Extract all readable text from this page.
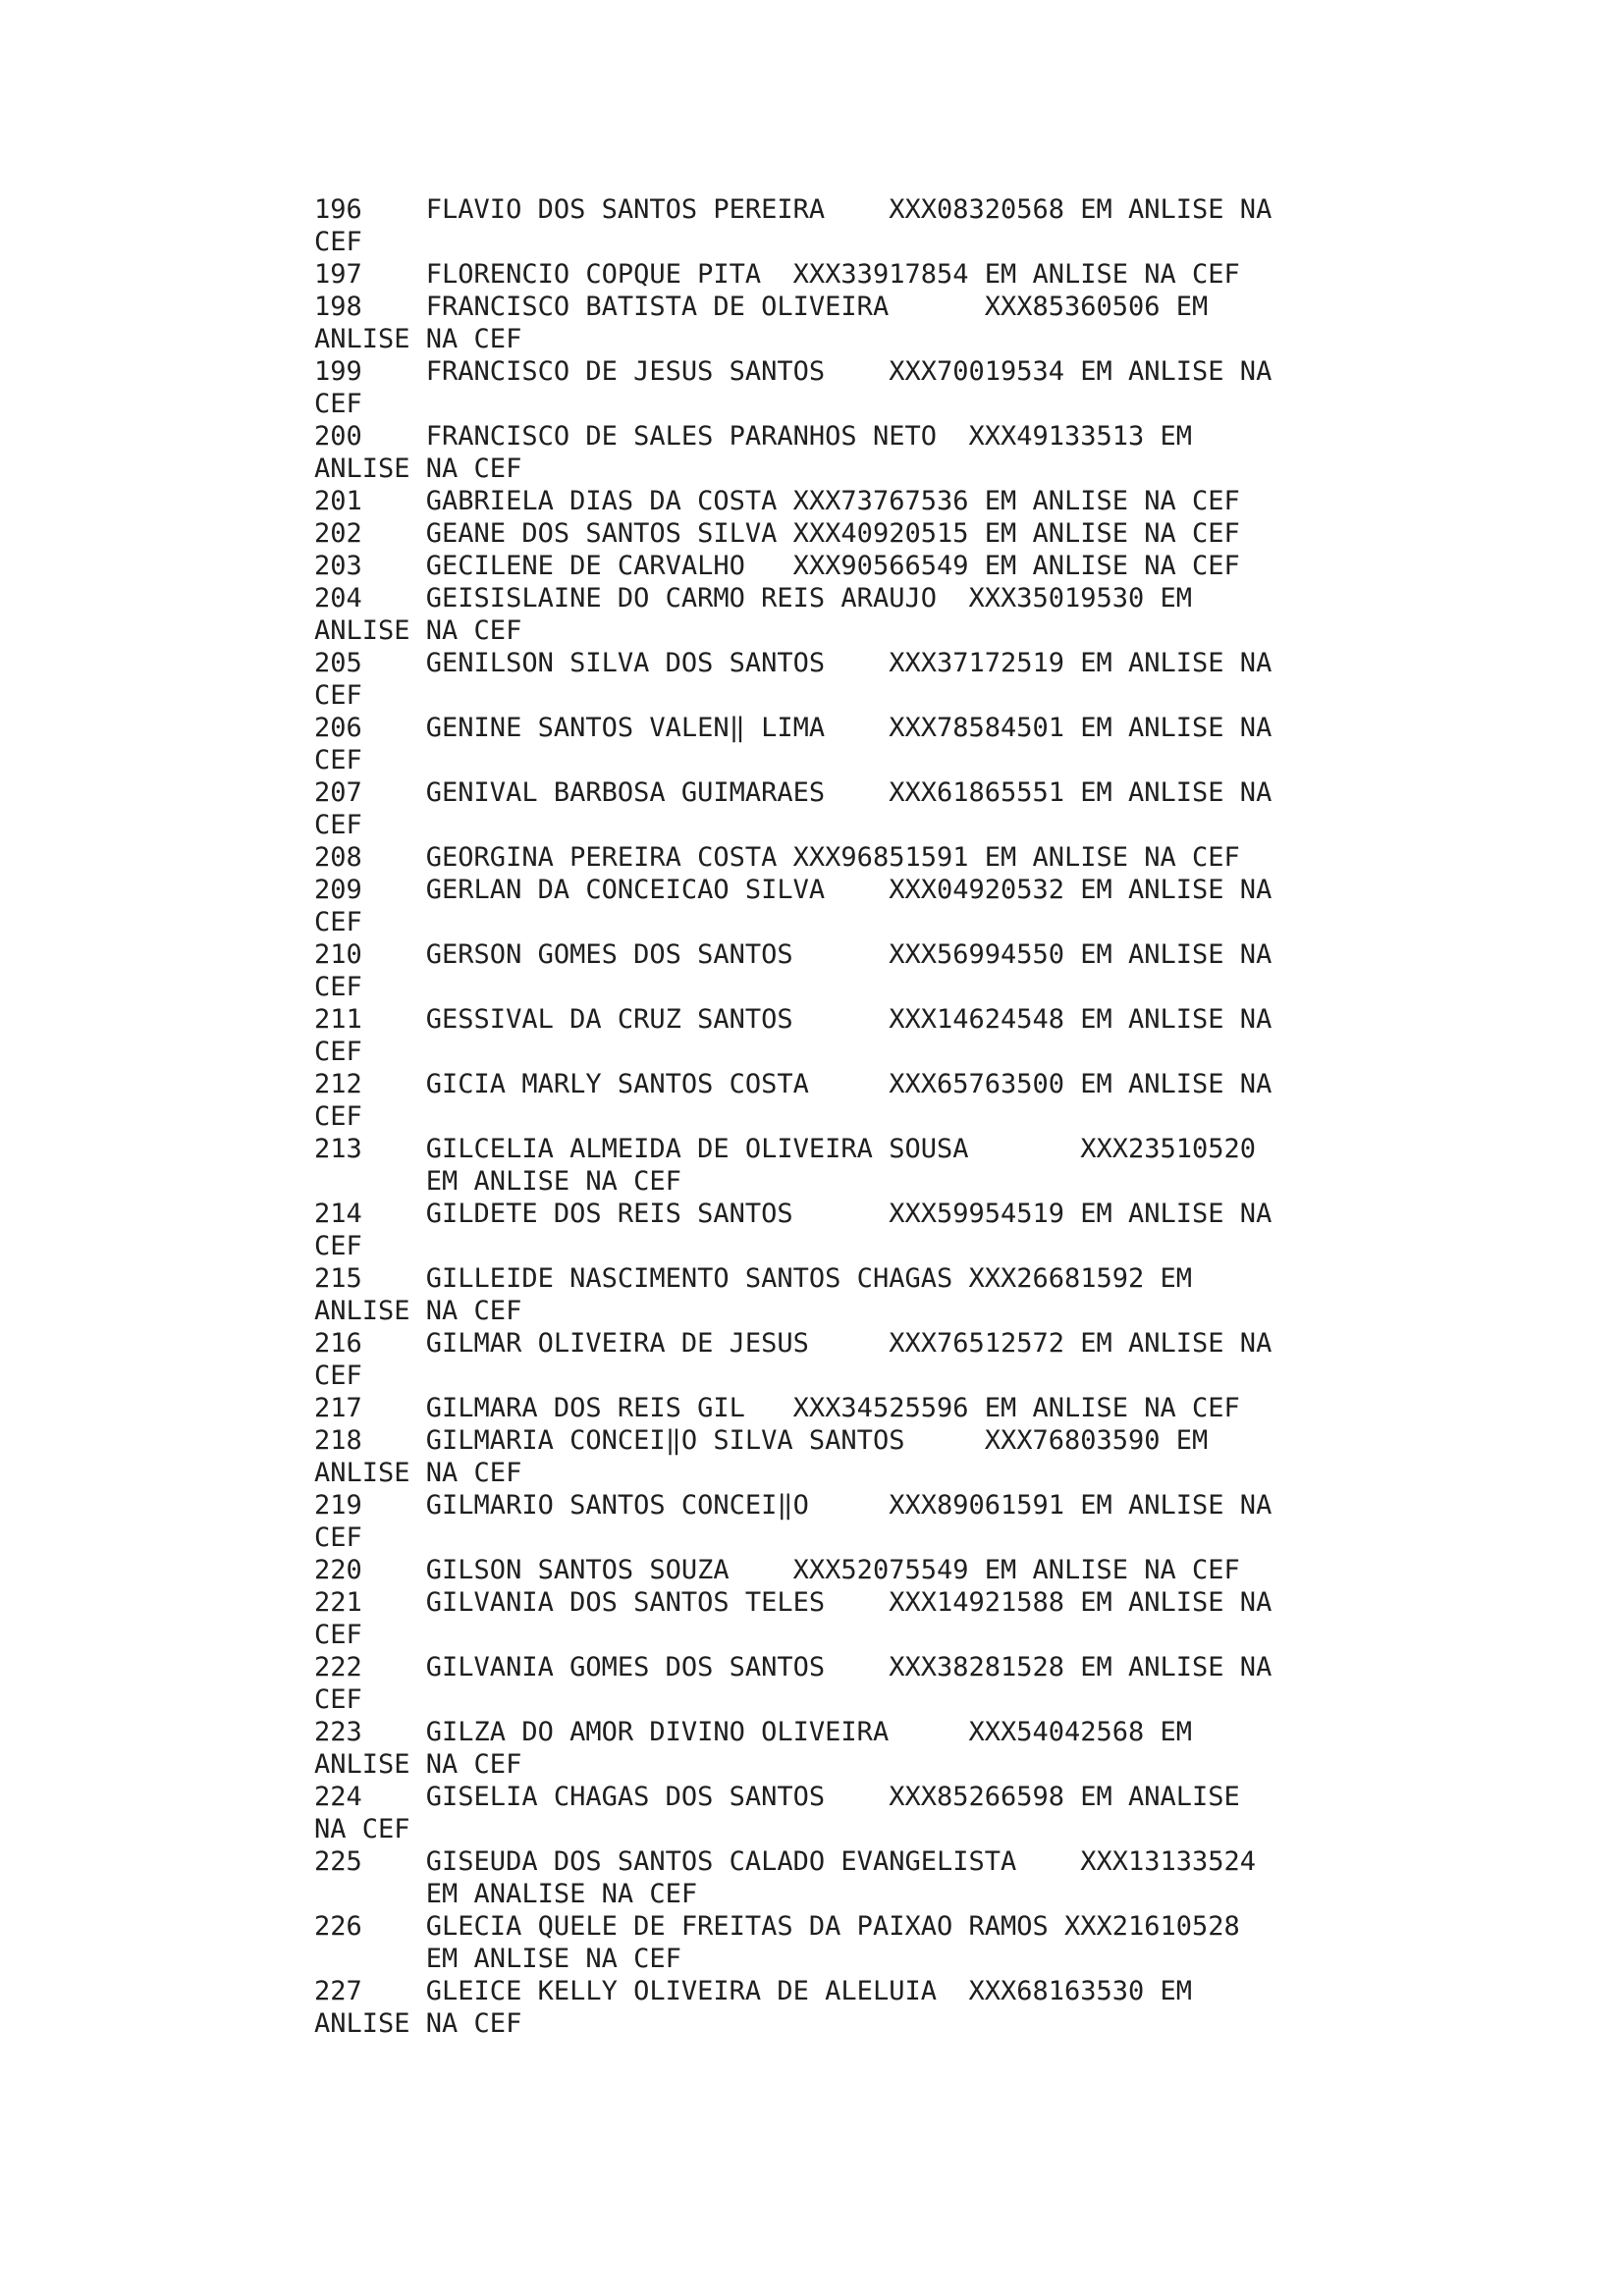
196    FLAVIO DOS SANTOS PEREIRA    XXX08320568 EM ANLISE NA
CEF
197    FLORENCIO COPQUE PITA  XXX33917854 EM ANLISE NA CEF
198    FRANCISCO BATISTA DE OLIVEIRA      XXX85360506 EM
ANLISE NA CEF
199    FRANCISCO DE JESUS SANTOS    XXX70019534 EM ANLISE NA
CEF
200    FRANCISCO DE SALES PARANHOS NETO  XXX49133513 EM
ANLISE NA CEF
201    GABRIELA DIAS DA COSTA XXX73767536 EM ANLISE NA CEF
202    GEANE DOS SANTOS SILVA XXX40920515 EM ANLISE NA CEF
203    GECILENE DE CARVALHO   XXX90566549 EM ANLISE NA CEF
204    GEISISLAINE DO CARMO REIS ARAUJO  XXX35019530 EM
ANLISE NA CEF
205    GENILSON SILVA DOS SANTOS    XXX37172519 EM ANLISE NA
CEF
206    GENINE SANTOS VALEN‖ LIMA    XXX78584501 EM ANLISE NA
CEF
207    GENIVAL BARBOSA GUIMARAES    XXX61865551 EM ANLISE NA
CEF
208    GEORGINA PEREIRA COSTA XXX96851591 EM ANLISE NA CEF
209    GERLAN DA CONCEICAO SILVA    XXX04920532 EM ANLISE NA
CEF
210    GERSON GOMES DOS SANTOS      XXX56994550 EM ANLISE NA
CEF
211    GESSIVAL DA CRUZ SANTOS      XXX14624548 EM ANLISE NA
CEF
212    GICIA MARLY SANTOS COSTA     XXX65763500 EM ANLISE NA
CEF
213    GILCELIA ALMEIDA DE OLIVEIRA SOUSA       XXX23510520
EM ANLISE NA CEF
214    GILDETE DOS REIS SANTOS      XXX59954519 EM ANLISE NA
CEF
215    GILLEIDE NASCIMENTO SANTOS CHAGAS XXX26681592 EM
ANLISE NA CEF
216    GILMAR OLIVEIRA DE JESUS     XXX76512572 EM ANLISE NA
CEF
217    GILMARA DOS REIS GIL   XXX34525596 EM ANLISE NA CEF
218    GILMARIA CONCEI‖O SILVA SANTOS     XXX76803590 EM
ANLISE NA CEF
219    GILMARIO SANTOS CONCEI‖O     XXX89061591 EM ANLISE NA
CEF
220    GILSON SANTOS SOUZA    XXX52075549 EM ANLISE NA CEF
221    GILVANIA DOS SANTOS TELES    XXX14921588 EM ANLISE NA
CEF
222    GILVANIA GOMES DOS SANTOS    XXX38281528 EM ANLISE NA
CEF
223    GILZA DO AMOR DIVINO OLIVEIRA     XXX54042568 EM
ANLISE NA CEF
224    GISELIA CHAGAS DOS SANTOS    XXX85266598 EM ANALISE
NA CEF
225    GISEUDA DOS SANTOS CALADO EVANGELISTA    XXX13133524
EM ANALISE NA CEF
226    GLECIA QUELE DE FREITAS DA PAIXAO RAMOS XXX21610528
EM ANLISE NA CEF
227    GLEICE KELLY OLIVEIRA DE ALELUIA  XXX68163530 EM
ANLISE NA CEF
